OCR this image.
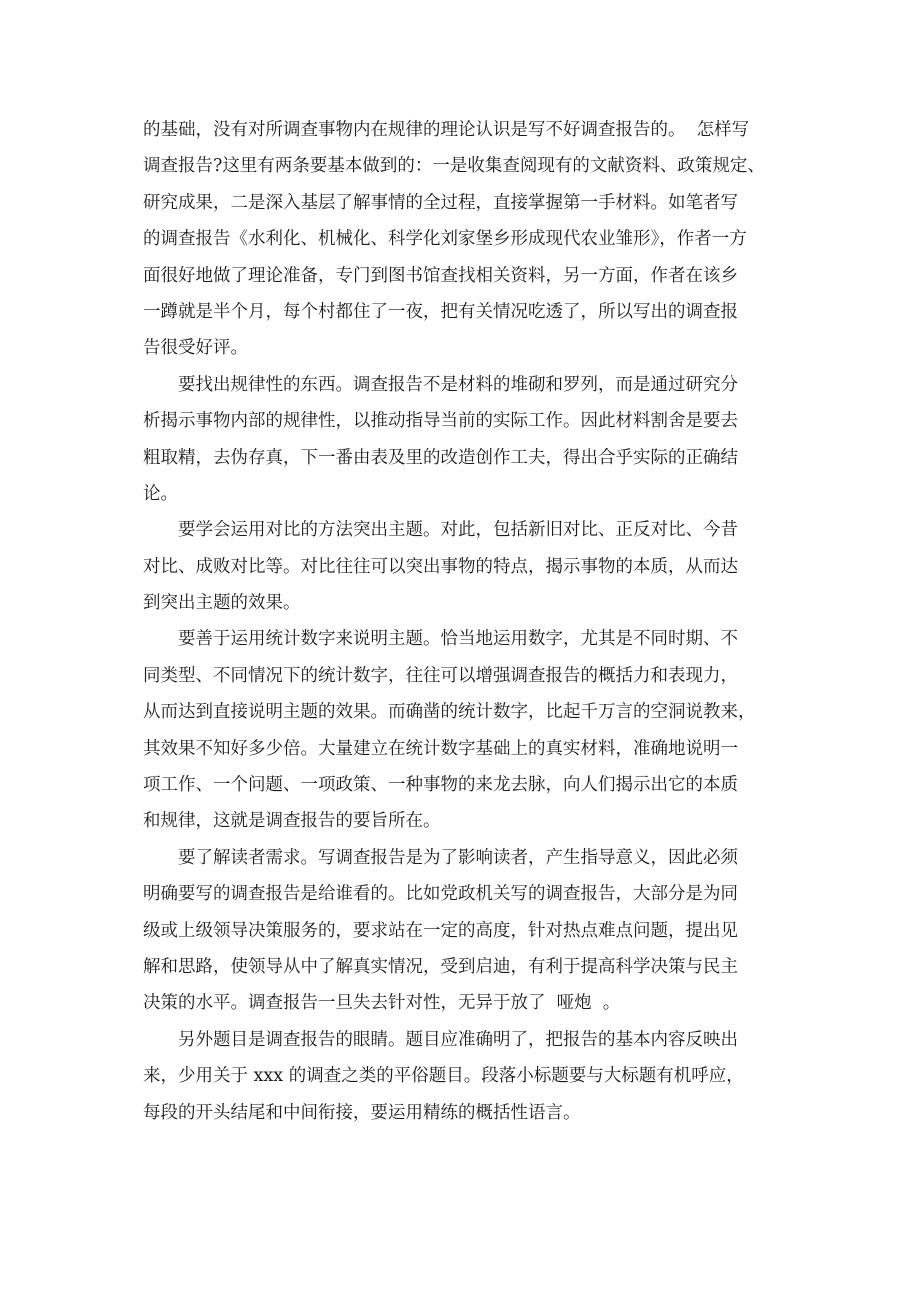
的基础，没有对所调查事物内在规律的理论认识是写不好调查报告的。  怎样写
调查报告?这里有两条要基本做到的：一是收集查阅现有的文献资料、政策规定、
研究成果，二是深入基层了解事情的全过程，直接掌握第一手材料。如笔者写
的调查报告《水利化、机械化、科学化刘家堡乡形成现代农业雏形》，作者一方
面很好地做了理论准备，专门到图书馆查找相关资料，另一方面，作者在该乡
一蹲就是半个月，每个村都住了一夜，把有关情况吃透了，所以写出的调查报
告很受好评。
要找出规律性的东西。调查报告不是材料的堆砌和罗列，而是通过研究分
析揭示事物内部的规律性，以推动指导当前的实际工作。因此材料割舍是要去
粗取精，去伪存真，下一番由表及里的改造创作工夫，得出合乎实际的正确结
论。
要学会运用对比的方法突出主题。对此，包括新旧对比、正反对比、今昔
对比、成败对比等。对比往往可以突出事物的特点，揭示事物的本质，从而达
到突出主题的效果。
要善于运用统计数字来说明主题。恰当地运用数字，尤其是不同时期、不
同类型、不同情况下的统计数字，往往可以增强调查报告的概括力和表现力，
从而达到直接说明主题的效果。而确凿的统计数字，比起千万言的空洞说教来，
其效果不知好多少倍。大量建立在统计数字基础上的真实材料，准确地说明一
项工作、一个问题、一项政策、一种事物的来龙去脉，向人们揭示出它的本质
和规律，这就是调查报告的要旨所在。
要了解读者需求。写调查报告是为了影响读者，产生指导意义，因此必须
明确要写的调查报告是给谁看的。比如党政机关写的调查报告，大部分是为同
级或上级领导决策服务的，要求站在一定的高度，针对热点难点问题，提出见
解和思路，使领导从中了解真实情况，受到启迪，有利于提高科学决策与民主
决策的水平。调查报告一旦失去针对性，无异于放了  哑炮  。
另外题目是调查报告的眼睛。题目应准确明了，把报告的基本内容反映出
来，少用关于 xxx 的调查之类的平俗题目。段落小标题要与大标题有机呼应，
每段的开头结尾和中间衔接，要运用精练的概括性语言。
